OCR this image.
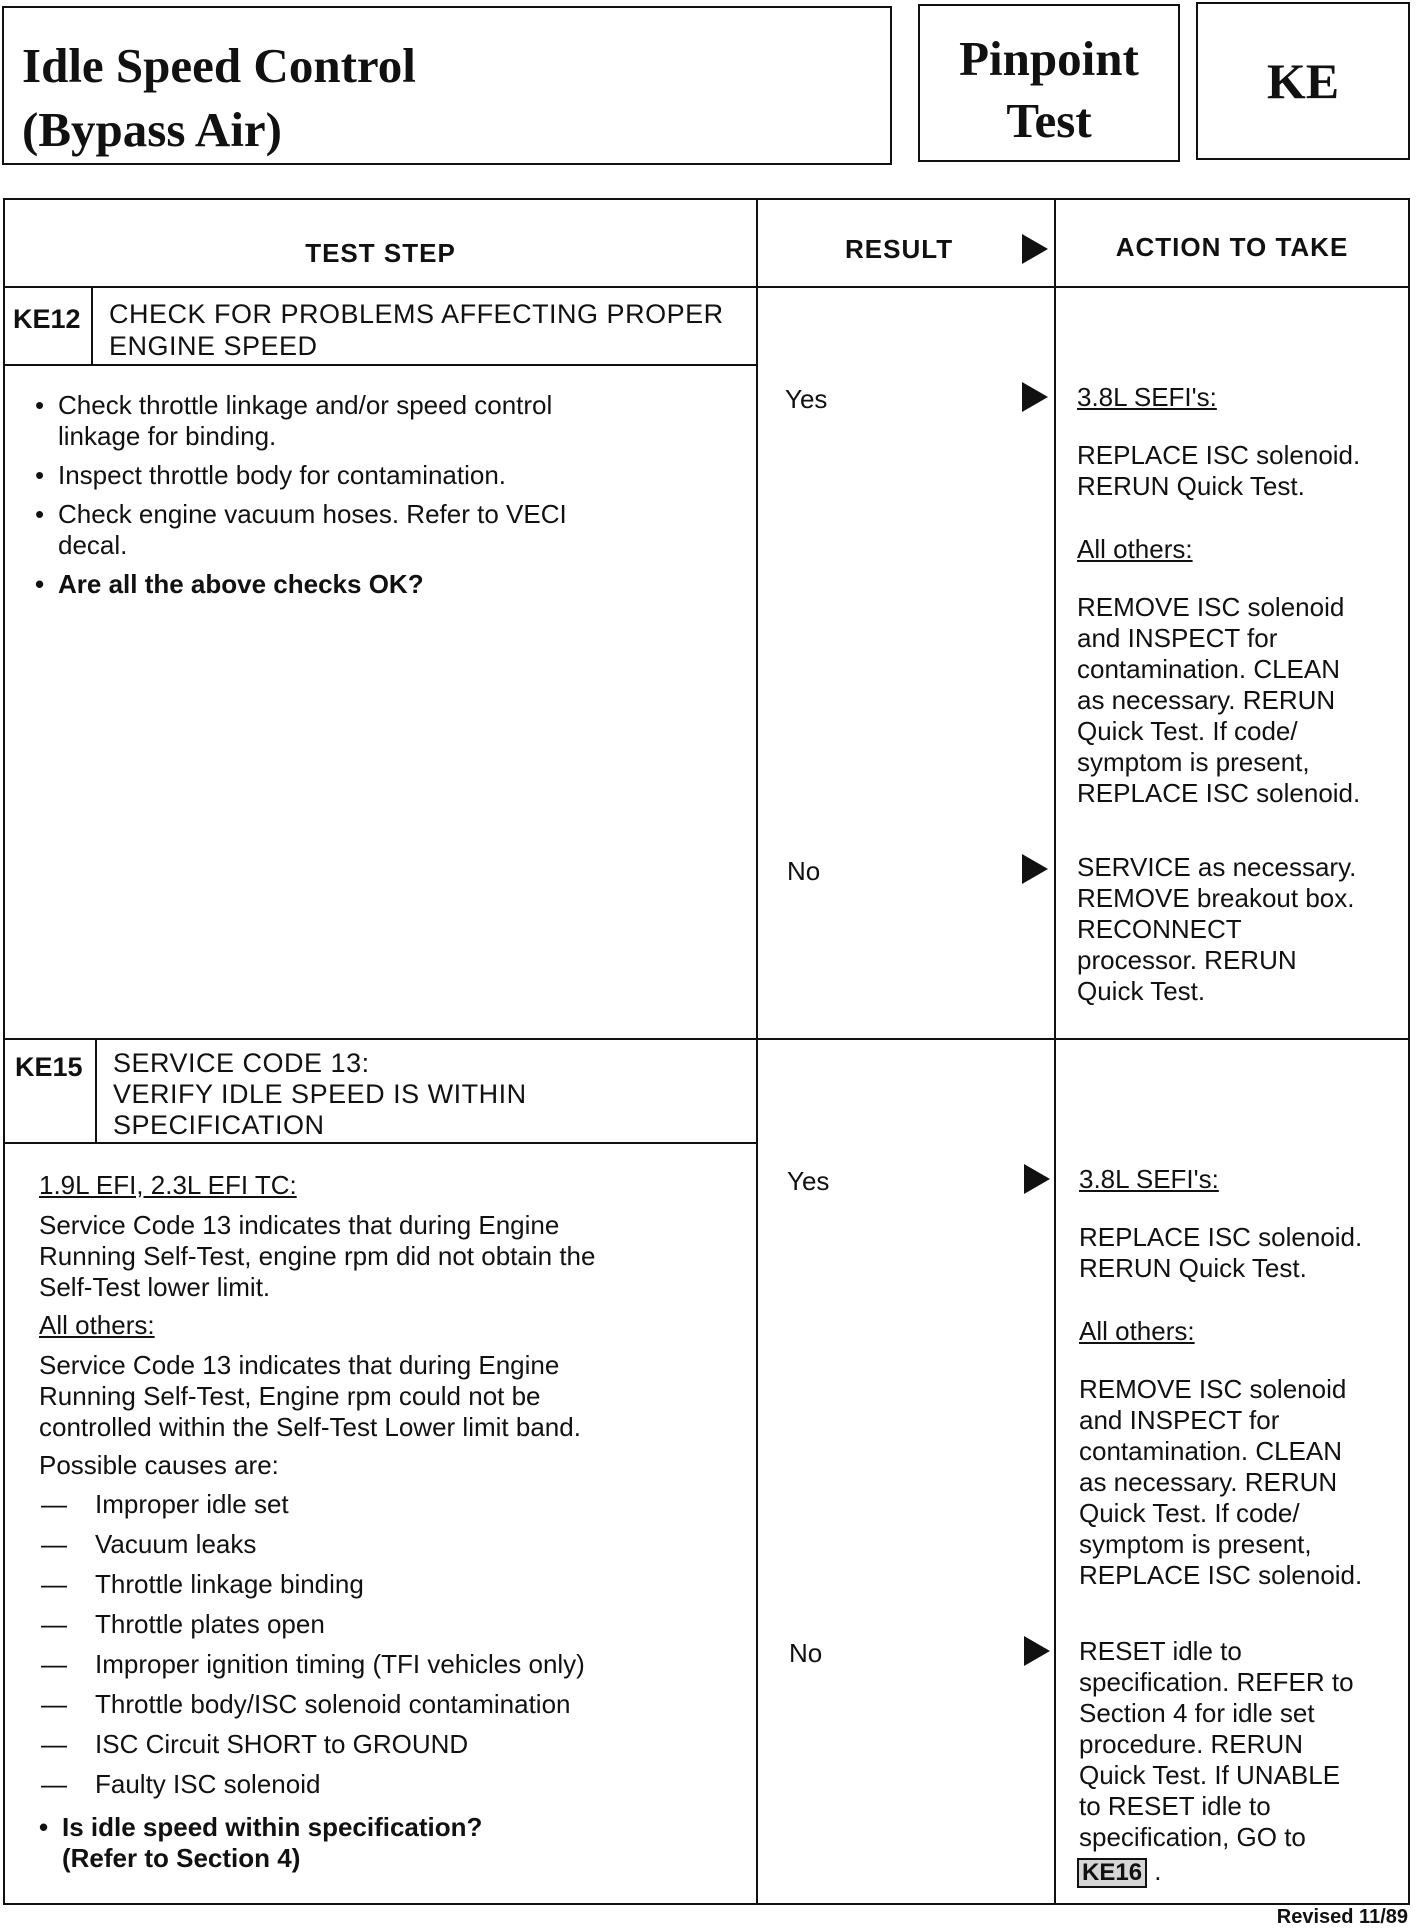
Idle Speed Control
(Bypass Air)
Pinpoint
Test
KE
TEST STEP	RESULT	ACTION TO TAKE
KE12 CHECK FOR PROBLEMS AFFECTING PROPER
ENGINE SPEED
• Check throttle linkage and/or speed control
linkage for binding.
• Inspect throttle body for contamination.
• Check engine vacuum hoses. Refer to VECI
decal.
• Are all the above checks OK?
Yes	3.8L SEFI's:
REPLACE ISC solenoid.
RERUN Quick Test.
All others:
REMOVE ISC solenoid
and INSPECT for
contamination. CLEAN
as necessary. RERUN
Quick Test. If code/
symptom is present,
REPLACE ISC solenoid.
No	SERVICE as necessary.
REMOVE breakout box.
RECONNECT
processor. RERUN
Quick Test.
KE15 SERVICE CODE 13:
VERIFY IDLE SPEED IS WITHIN
SPECIFICATION
1.9L EFI, 2.3L EFI TC:
Service Code 13 indicates that during Engine
Running Self-Test, engine rpm did not obtain the
Self-Test lower limit.
All others:
Service Code 13 indicates that during Engine
Running Self-Test, Engine rpm could not be
controlled within the Self-Test Lower limit band.
Possible causes are:
— Improper idle set
— Vacuum leaks
— Throttle linkage binding
— Throttle plates open
— Improper ignition timing (TFI vehicles only)
— Throttle body/ISC solenoid contamination
— ISC Circuit SHORT to GROUND
— Faulty ISC solenoid
• Is idle speed within specification?
(Refer to Section 4)
Yes	3.8L SEFI's:
REPLACE ISC solenoid.
RERUN Quick Test.
All others:
REMOVE ISC solenoid
and INSPECT for
contamination. CLEAN
as necessary. RERUN
Quick Test. If code/
symptom is present,
REPLACE ISC solenoid.
No	RESET idle to
specification. REFER to
Section 4 for idle set
procedure. RERUN
Quick Test. If UNABLE
to RESET idle to
specification, GO to
KE16 .
Revised 11/89
